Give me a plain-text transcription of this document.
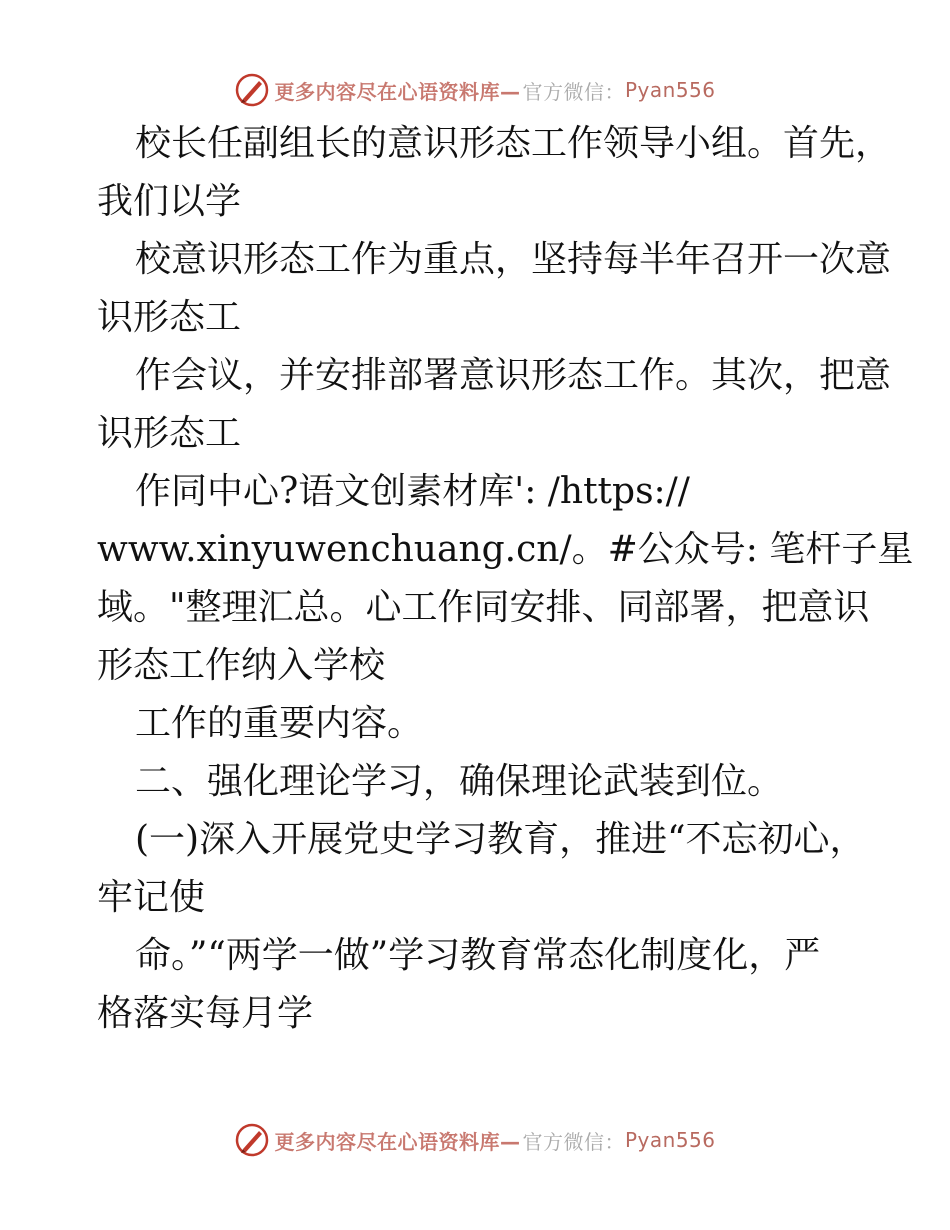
更多内容尽在心语资料库— 官方微信： Pyan556
校长任副组长的意识形态工作领导小组。首先，
我们以学
校意识形态工作为重点，坚持每半年召开一次意
识形态工
作会议，并安排部署意识形态工作。其次，把意
识形态工
作同中心?语文创素材库': /https://
www.xinyuwenchuang.cn/。#公众号: 笔杆子星
域。"整理汇总。心工作同安排、同部署，把意识
形态工作纳入学校
工作的重要内容。
二、强化理论学习，确保理论武装到位。
(一)深入开展党史学习教育，推进“不忘初心，
牢记使
命。”“两学一做”学习教育常态化制度化，严
格落实每月学
更多内容尽在心语资料库— 官方微信： Pyan556
